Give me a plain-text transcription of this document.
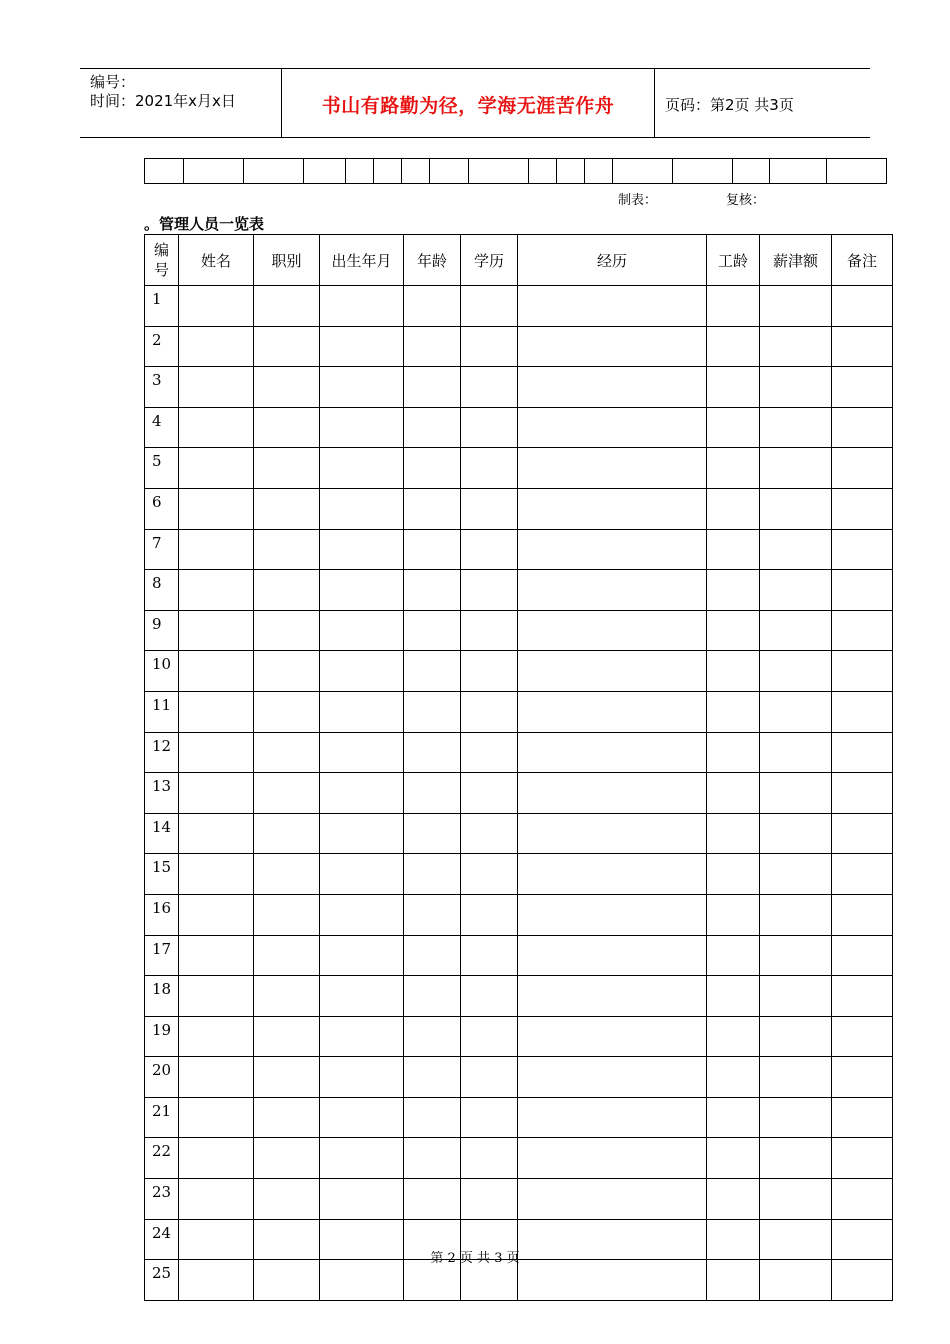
编号：
时间：2021年x月x日	书山有路勤为径，学海无涯苦作舟	页码：第2页 共3页

制表：	复核：
。管理人员一览表
编
号	姓名	职别	出生年月	年龄	学历	经历	工龄	薪津额	备注
1									
2									
3									
4									
5									
6									
7									
8									
9									
10									
11									
12									
13									
14									
15									
16									
17									
18									
19									
20									
21									
22									
23									
24									
25									
第 2 页 共 3 页
